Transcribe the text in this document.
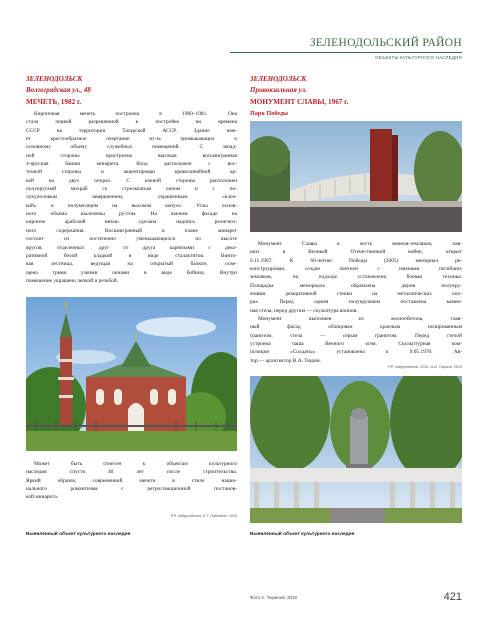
ЗЕЛЕНОДОЛЬСКИЙ РАЙОН
ОБЪЕКТЫ КУЛЬТУРНОГО НАСЛЕДИЯ
ЗЕЛЕНОДОЛЬСК
Волгоградская ул., 48
МЕЧЕТЬ, 1982 г.

Кирпичная мечеть построена в 1980–1981. Она
стала первой разрешенной к постройке во времена
СССР на территории Татарской АССР. Здание име-
ет крестообразное очертание из-за примыкающих к
основному объему служебных помещений. С запад-
ной стороны пристроена высокая восьмигранная
4-ярусная башня минарета. Вход расположен с вос-
точной стороны и акцентирован криволинейной ар-
кой на двух опорах. С южной стороны расположен
полукруглый михраб со стрельчатым окном и с по-
лукуполовым завершением, украшенным «ёлоч-
кой» и полумесяцем на высоком конусе. Углы основ-
ного объема выложены рустом. На южном фасаде на
кирпиче арабской вязью сделана надпись религиоз-
ного содержания. Восьмигранный в плане минарет
состоит из постепенно уменьшающихся по высоте
ярусов, отделенных друг от друга карнизами с деко-
ративной белой кладкой в виде сталактитов. Винто-
вая лестница, ведущая на открытый балкон, осве-
щена тремя узкими окнами в виде бойниц. Внутри
помещение украшено лепкой и резьбой.

Может быть отнесен к объектам культурного
наследия спустя 40 лет после строительства.
Яркий образец современной мечети в стиле нацио-
нального романтизма с ретроспекционной постанов-
кой минарета.

Р.Р. Хайрутдинов, Е.Г. Пайчадзе, 2019
Выявленный объект культурного наследия
ЗЕЛЕНОДОЛЬСК
Привокзальная ул.
МОНУМЕНТ СЛАВЫ, 1967 г.
Парк Победы

Монумент Славы в честь воинов-земляков, пав-
ших в Великой Отечественной войне, открыт
6.11.1967. К 60-летию Победы (2005) мемориал ре-
конструирован, создан пантеон с именами погибших
земляков, на подходе установлена боевая техника.
Площадка мемориала обрамлена двумя полукру-
жиями декоративной стенки на металлических опо-
рах. Перед одним полукружием поставлена камен-
ная стела, перед другим — скульптура воинов.
Монумент выполнен из железобетона, глав-
ный фасад облицован красным полированным
гранитом, стела — серым гранитом. Перед стелой
устроена чаша Вечного огня. Скульптурная ком-
позиция «Солдаты» установлена к 9.05.1970. Ав-
тор — архитектор В.А. Тюрин.

Р.Р. Хайрутдинов, 2016; А.И. Тюрина, 2019
Выявленный объект культурного наследия
Фото А. Тюриной, 2019	421
